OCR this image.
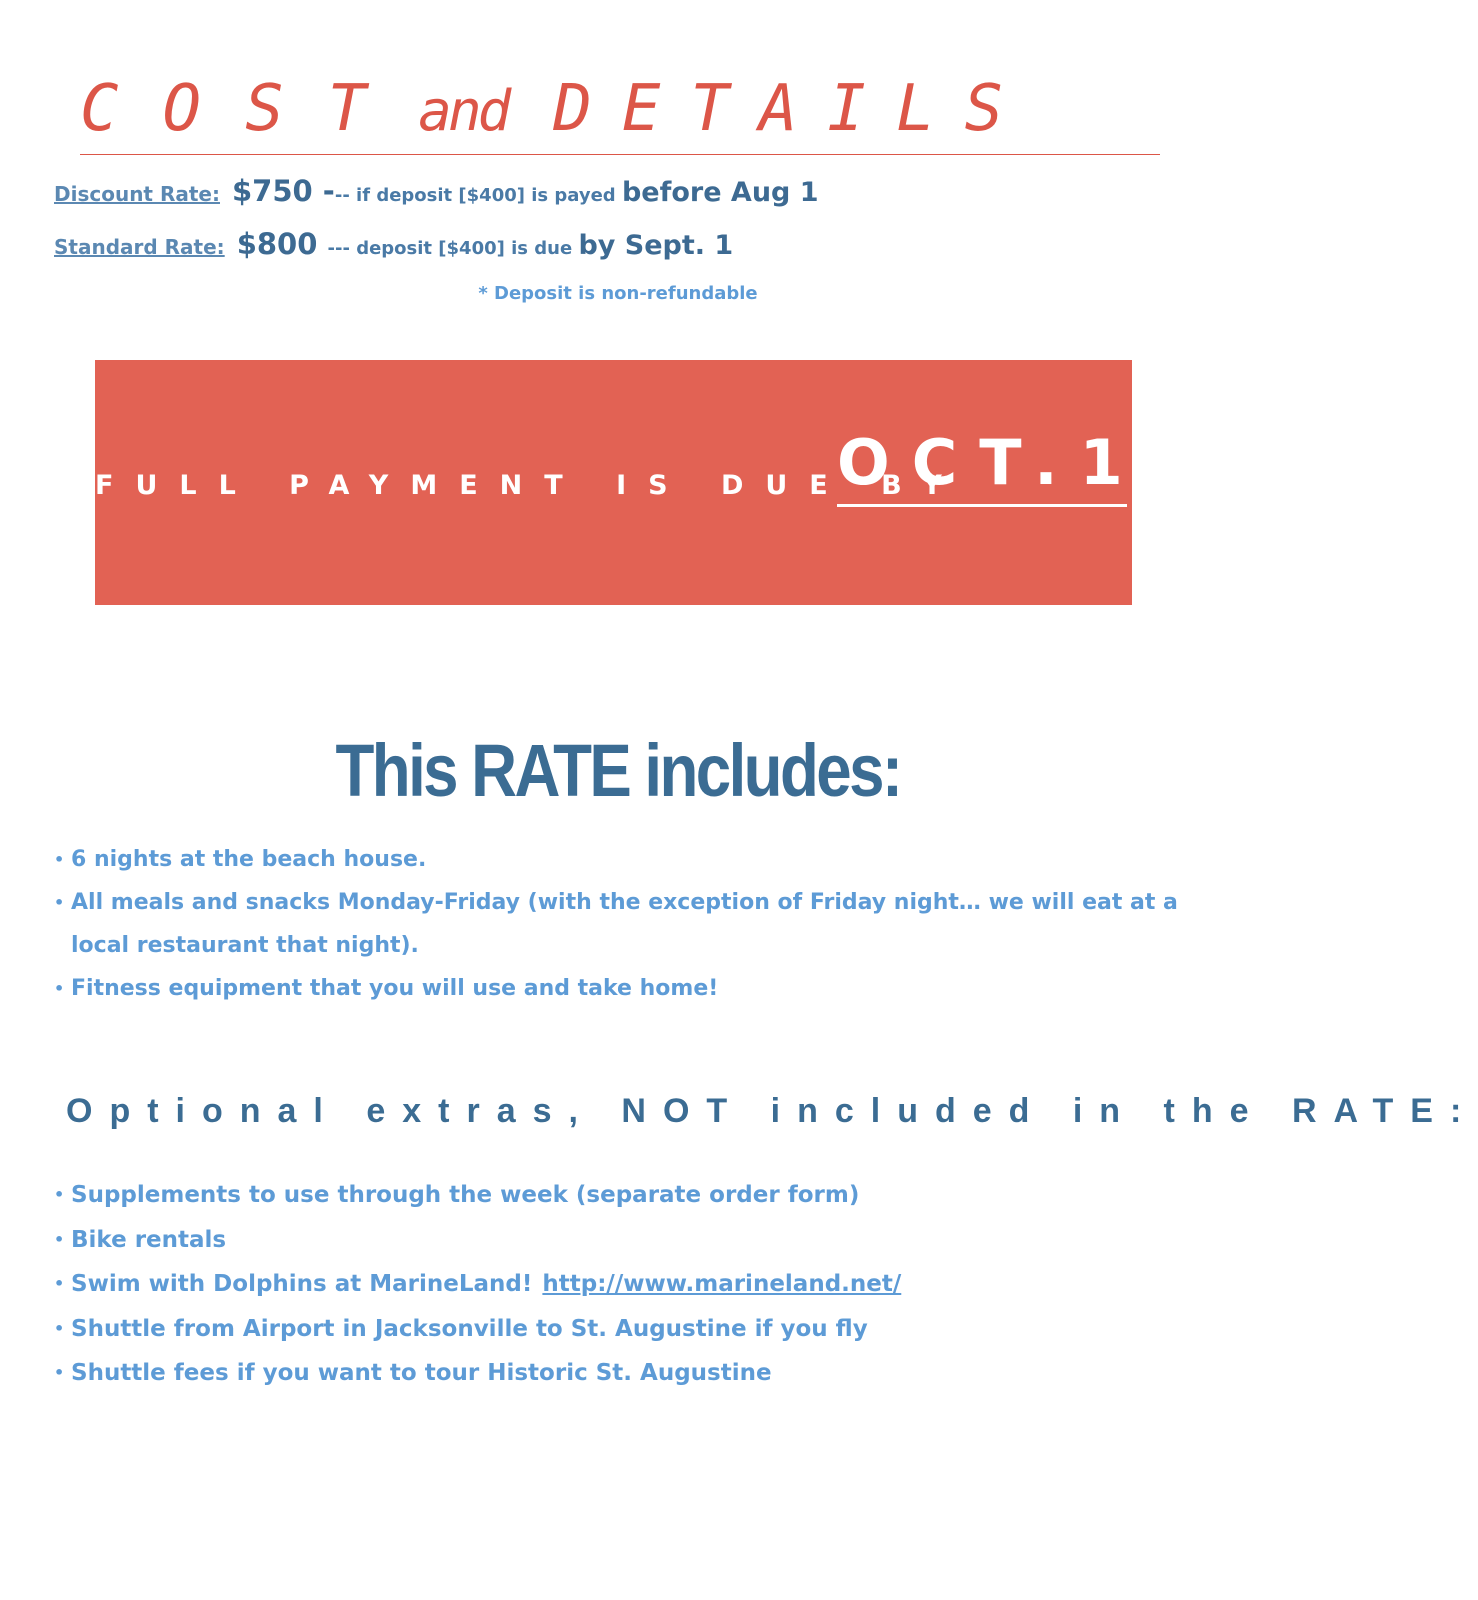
COST and DETAILS
Discount Rate: $750 --- if deposit [$400] is payed before Aug 1
Standard Rate: $800 --- deposit [$400] is due by Sept. 1
* Deposit is non-refundable
FULL PAYMENT IS DUE BY
OCT.1
This RATE includes:
• 6 nights at the beach house.
• All meals and snacks Monday-Friday (with the exception of Friday night… we will eat at a local restaurant that night).
• Fitness equipment that you will use and take home!
Optional extras, NOT included in the RATE:
• Supplements to use through the week (separate order form)
• Bike rentals
• Swim with Dolphins at MarineLand! http://www.marineland.net/
• Shuttle from Airport in Jacksonville to St. Augustine if you fly
• Shuttle fees if you want to tour Historic St. Augustine
